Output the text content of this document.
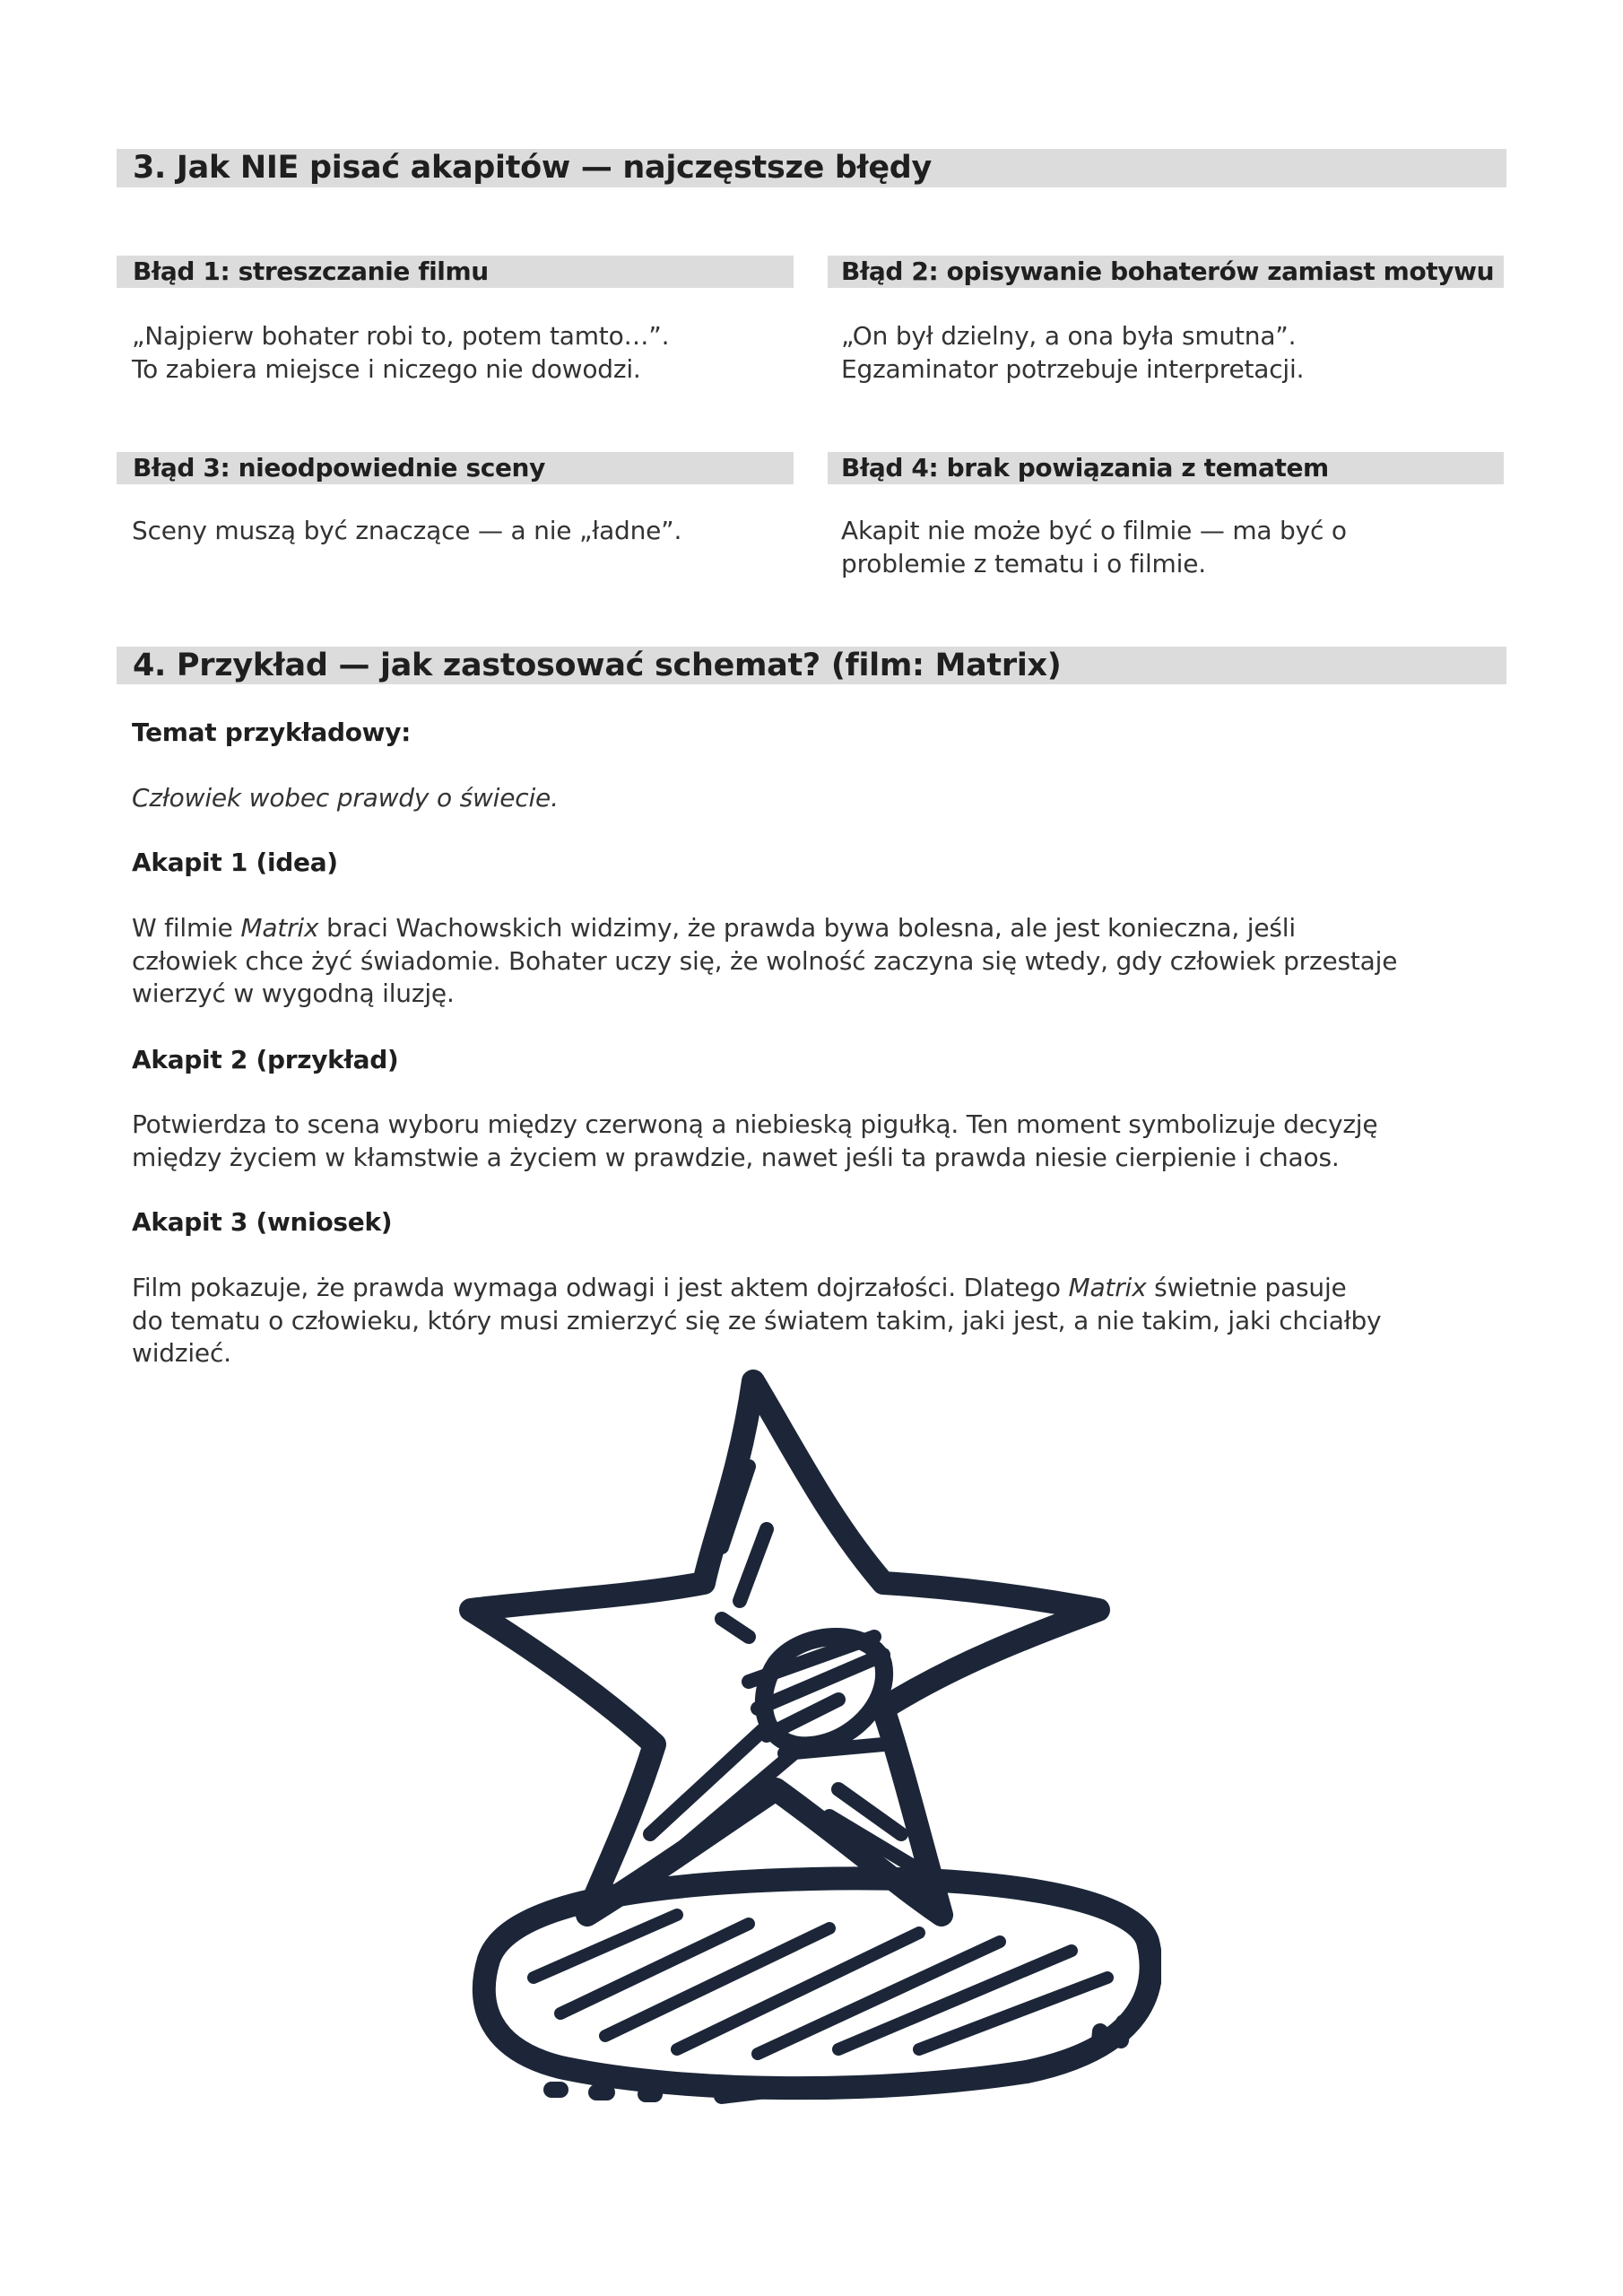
3. Jak NIE pisać akapitów — najczęstsze błędy
Błąd 1: streszczanie filmu	Błąd 2: opisywanie bohaterów zamiast motywu
„Najpierw bohater robi to, potem tamto…”.
To zabiera miejsce i niczego nie dowodzi.
„On był dzielny, a ona była smutna”.
Egzaminator potrzebuje interpretacji.
Błąd 3: nieodpowiednie sceny	Błąd 4: brak powiązania z tematem
Sceny muszą być znaczące — a nie „ładne”.	Akapit nie może być o filmie — ma być o
problemie z tematu i o filmie.
4. Przykład — jak zastosować schemat? (film: Matrix)
Temat przykładowy:
Człowiek wobec prawdy o świecie.
Akapit 1 (idea)
W filmie Matrix braci Wachowskich widzimy, że prawda bywa bolesna, ale jest konieczna, jeśli
człowiek chce żyć świadomie. Bohater uczy się, że wolność zaczyna się wtedy, gdy człowiek przestaje
wierzyć w wygodną iluzję.
Akapit 2 (przykład)
Potwierdza to scena wyboru między czerwoną a niebieską pigułką. Ten moment symbolizuje decyzję
między życiem w kłamstwie a życiem w prawdzie, nawet jeśli ta prawda niesie cierpienie i chaos.
Akapit 3 (wniosek)
Film pokazuje, że prawda wymaga odwagi i jest aktem dojrzałości. Dlatego Matrix świetnie pasuje
do tematu o człowieku, który musi zmierzyć się ze światem takim, jaki jest, a nie takim, jaki chciałby
widzieć.
